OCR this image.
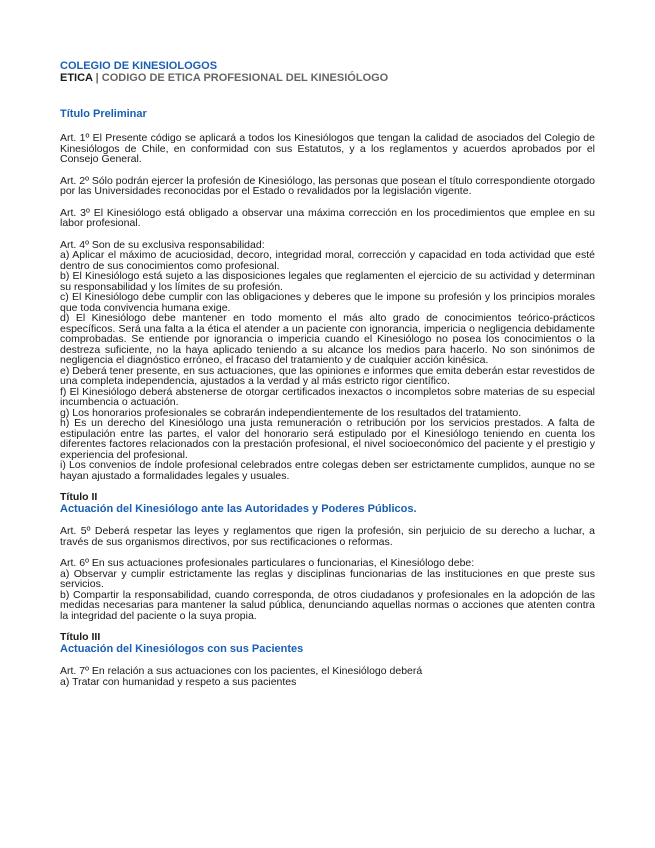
COLEGIO DE KINESIOLOGOS
ETICA | CODIGO DE ETICA PROFESIONAL DEL KINESIÓLOGO
Título Preliminar

Art. 1º El Presente código se aplicará a todos los Kinesiólogos que tengan la calidad de asociados del Colegio de Kinesiólogos de Chile, en conformidad con sus Estatutos, y a los reglamentos y acuerdos aprobados por el Consejo General.

Art. 2º Sólo podrán ejercer la profesión de Kinesiólogo, las personas que posean el título correspondiente otorgado por las Universidades reconocidas por el Estado o revalidados por la legislación vigente.

Art. 3º El Kinesiólogo está obligado a observar una máxima corrección en los procedimientos que emplee en su labor profesional.

Art. 4º Son de su exclusiva responsabilidad:

a) Aplicar el máximo de acuciosidad, decoro, integridad moral, corrección y capacidad en toda actividad que esté dentro de sus conocimientos como profesional.

b) El Kinesiólogo está sujeto a las disposiciones legales que reglamenten el ejercicio de su actividad y determinan su responsabilidad y los límites de su profesión.

c) El Kinesiólogo debe cumplir con las obligaciones y deberes que le impone su profesión y los principios morales que toda convivencia humana exige.

d) El Kinesiólogo debe mantener en todo momento el más alto grado de conocimientos teórico-prácticos específicos. Será una falta a la ética el atender a un paciente con ignorancia, impericia o negligencia debidamente comprobadas. Se entiende por ignorancia o impericia cuando el Kinesiólogo no posea los conocimientos o la destreza suficiente, no la haya aplicado teniendo a su alcance los medios para hacerlo. No son sinónimos de negligencia el diagnóstico erróneo, el fracaso del tratamiento y de cualquier acción kinésica.

e) Deberá tener presente, en sus actuaciones, que las opiniones e informes que emita deberán estar revestidos de una completa independencia, ajustados a la verdad y al más estricto rigor científico.

f) El Kinesiólogo deberá abstenerse de otorgar certificados inexactos o incompletos sobre materias de su especial incumbencia o actuación.

g) Los honorarios profesionales se cobrarán independientemente de los resultados del tratamiento.

h) Es un derecho del Kinesiólogo una justa remuneración o retribución por los servicios prestados. A falta de estipulación entre las partes, el valor del honorario será estipulado por el Kinesiólogo teniendo en cuenta los diferentes factores relacionados con la prestación profesional, el nivel socioeconómico del paciente y el prestigio y experiencia del profesional.

i) Los convenios de índole profesional celebrados entre colegas deben ser estrictamente cumplidos, aunque no se hayan ajustado a formalidades legales y usuales.

Título II
Actuación del Kinesiólogo ante las Autoridades y Poderes Públicos.

Art. 5º Deberá respetar las leyes y reglamentos que rigen la profesión, sin perjuicio de su derecho a luchar, a través de sus organismos directivos, por sus rectificaciones o reformas.

Art. 6º En sus actuaciones profesionales particulares o funcionarias, el Kinesiólogo debe:

a) Observar y cumplir estrictamente las reglas y disciplinas funcionarias de las instituciones en que preste sus servicios.

b) Compartir la responsabilidad, cuando corresponda, de otros ciudadanos y profesionales en la adopción de las medidas necesarias para mantener la salud pública, denunciando aquellas normas o acciones que atenten contra la integridad del paciente o la suya propia.

Título III
Actuación del Kinesiólogos con sus Pacientes

Art. 7º En relación a sus actuaciones con los pacientes, el Kinesiólogo deberá

a) Tratar con humanidad y respeto a sus pacientes
